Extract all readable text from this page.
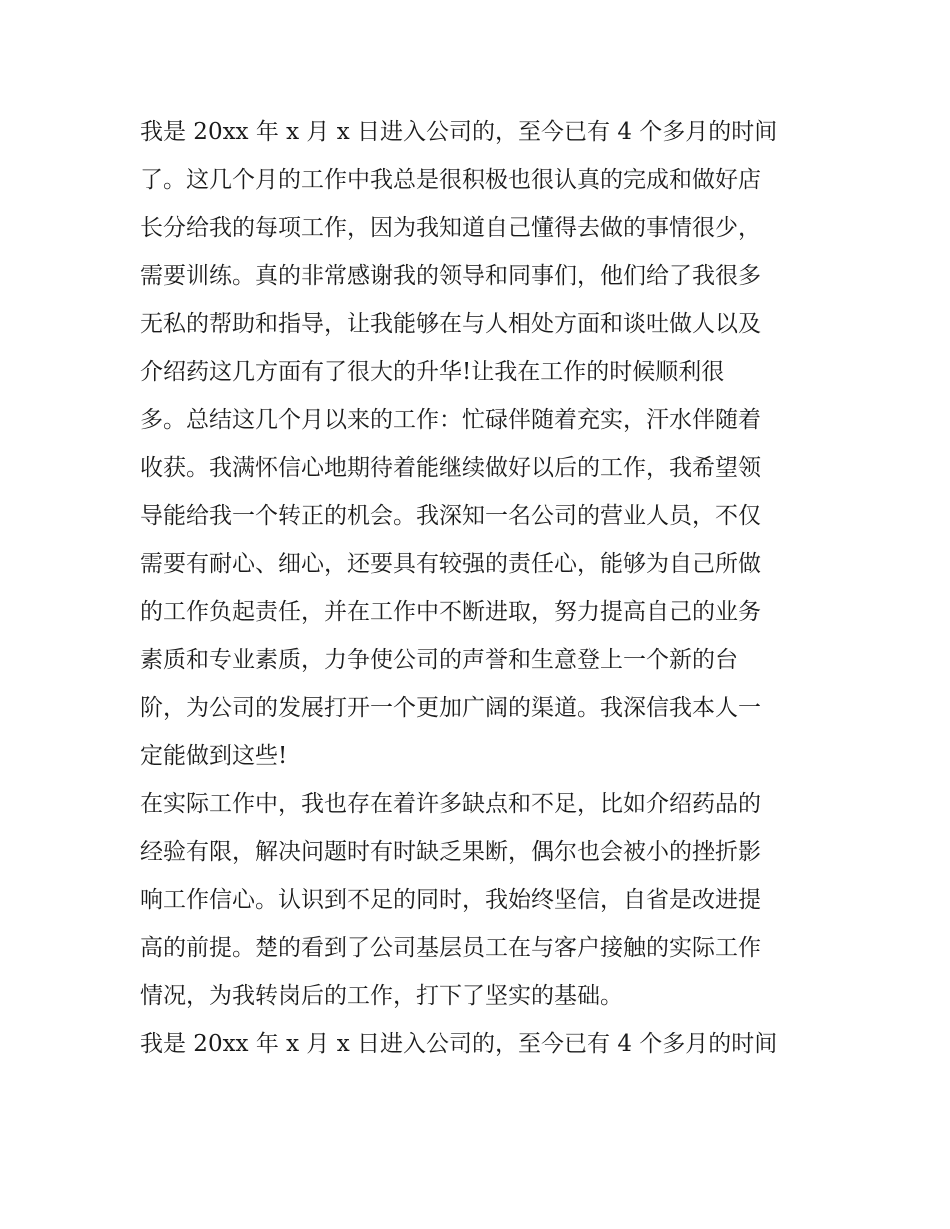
我是 20xx 年 x 月 x 日进入公司的，至今已有 4 个多月的时间
了。这几个月的工作中我总是很积极也很认真的完成和做好店
长分给我的每项工作，因为我知道自己懂得去做的事情很少，
需要训练。真的非常感谢我的领导和同事们，他们给了我很多
无私的帮助和指导，让我能够在与人相处方面和谈吐做人以及
介绍药这几方面有了很大的升华!让我在工作的时候顺利很
多。总结这几个月以来的工作：忙碌伴随着充实，汗水伴随着
收获。我满怀信心地期待着能继续做好以后的工作，我希望领
导能给我一个转正的机会。我深知一名公司的营业人员，不仅
需要有耐心、细心，还要具有较强的责任心，能够为自己所做
的工作负起责任，并在工作中不断进取，努力提高自己的业务
素质和专业素质，力争使公司的声誉和生意登上一个新的台
阶，为公司的发展打开一个更加广阔的渠道。我深信我本人一
定能做到这些!
在实际工作中，我也存在着许多缺点和不足，比如介绍药品的
经验有限，解决问题时有时缺乏果断，偶尔也会被小的挫折影
响工作信心。认识到不足的同时，我始终坚信，自省是改进提
高的前提。楚的看到了公司基层员工在与客户接触的实际工作
情况，为我转岗后的工作，打下了坚实的基础。
我是 20xx 年 x 月 x 日进入公司的，至今已有 4 个多月的时间
